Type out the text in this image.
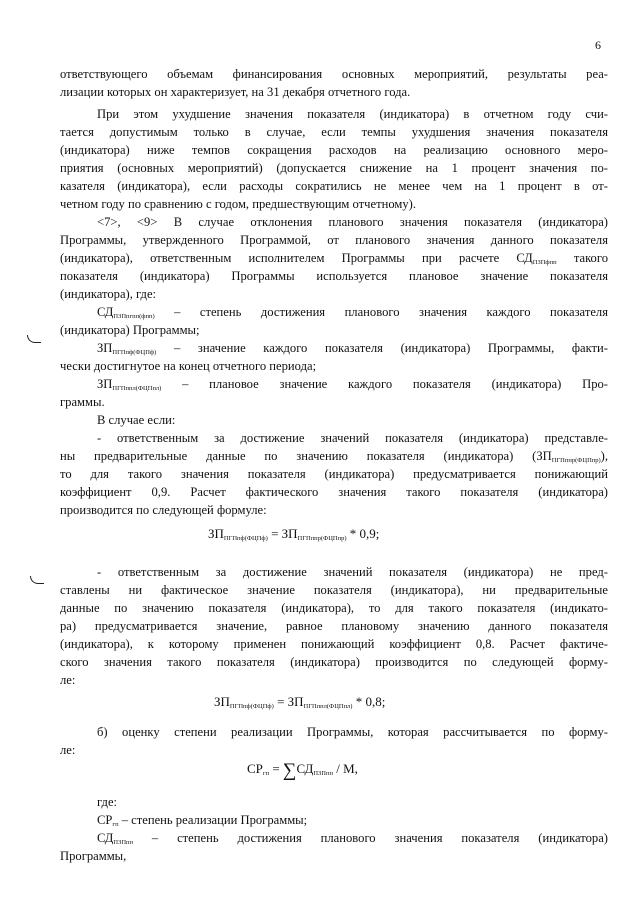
6
ответствующего объемам финансирования основных мероприятий, результаты реа-
лизации которых он характеризует, на 31 декабря отчетного года.
При этом ухудшение значения показателя (индикатора) в отчетном году счи-
тается допустимым только в случае, если темпы ухудшения значения показателя
(индикатора) ниже темпов сокращения расходов на реализацию основного меро-
приятия (основных мероприятий) (допускается снижение на 1 процент значения по-
казателя (индикатора), если расходы сократились не менее чем на 1 процент в от-
четном году по сравнению с годом, предшествующим отчетному).
<7>, <9> В случае отклонения планового значения показателя (индикатора)
Программы, утвержденного Программой, от планового значения данного показателя
(индикатора), ответственным исполнителем Программы при расчете $СД_{ПЗПфпп}$ такого
показателя (индикатора) Программы используется плановое значение показателя
(индикатора), где:
$СД_{ПЗПпгпп(фпп)}$ – степень достижения планового значения каждого показателя
(индикатора) Программы;
$ЗП_{ПГПпф(ФЦПф)}$ – значение каждого показателя (индикатора) Программы, факти-
чески достигнутое на конец отчетного периода;
$ЗП_{ПГПппл(ФЦПпл)}$ – плановое значение каждого показателя (индикатора) Про-
граммы.
В случае если:
- ответственным за достижение значений показателя (индикатора) представле-
ны предварительные данные по значению показателя (индикатора) $(ЗП_{ПГПппр(ФЦПпр)})$,
то для такого значения показателя (индикатора) предусматривается понижающий
коэффициент 0,9. Расчет фактического значения такого показателя (индикатора)
производится по следующей формуле:
$ЗП_{ПГПпф(ФЦПф)} = ЗП_{ПГПппр(ФЦПпр)} * 0,9$;
- ответственным за достижение значений показателя (индикатора) не пред-
ставлены ни фактическое значение показателя (индикатора), ни предварительные
данные по значению показателя (индикатора), то для такого показателя (индикато-
ра) предусматривается значение, равное плановому значению данного показателя
(индикатора), к которому применен понижающий коэффициент 0,8. Расчет фактиче-
ского значения такого показателя (индикатора) производится по следующей форму-
ле:
$ЗП_{ПГПпф(ФЦПф)} = ЗП_{ПГПппл(ФЦПпл)} * 0,8$;
б) оценку степени реализации Программы, которая рассчитывается по форму-
ле:
$СР_{гп} = \sum СД_{ПЗПпп} / М$,
где:
$СР_{гп}$ – степень реализации Программы;
$СД_{ПЗПпп}$ – степень достижения планового значения показателя (индикатора)
Программы,
